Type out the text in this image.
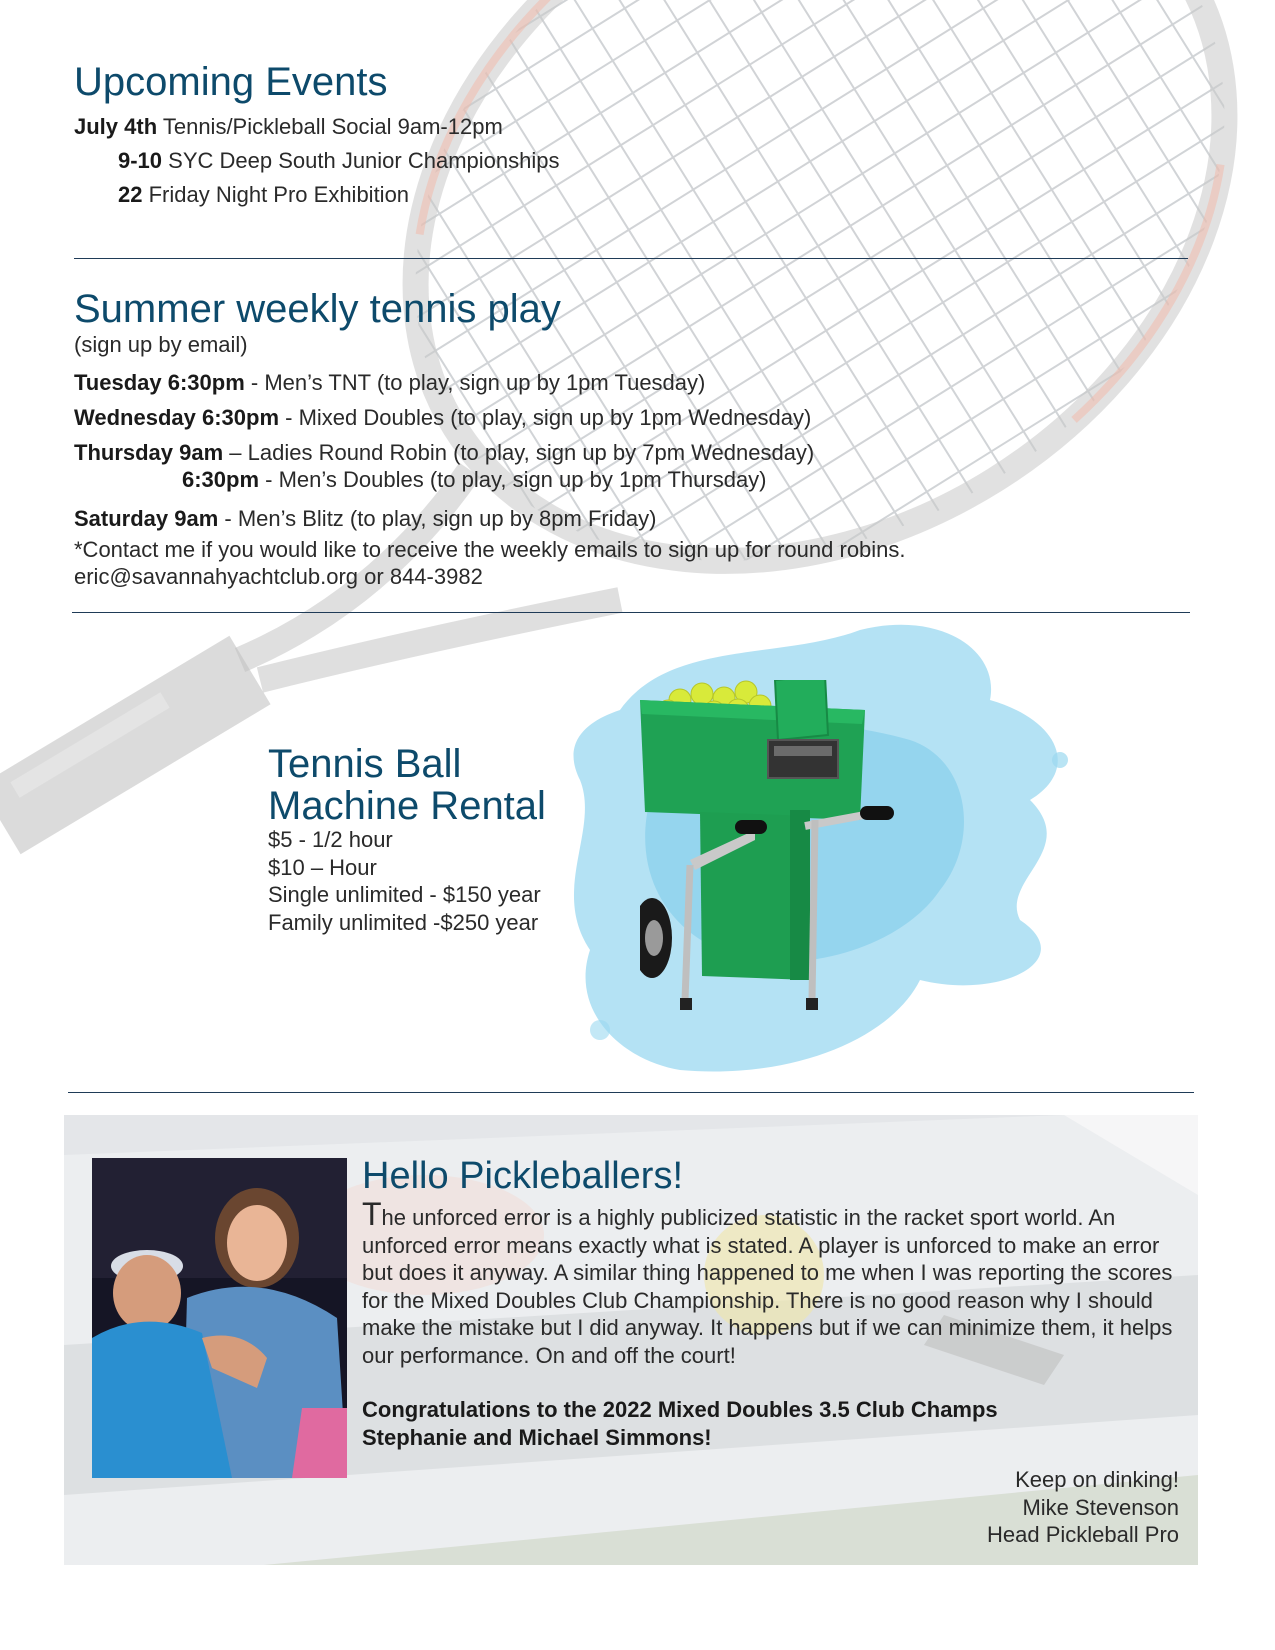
Upcoming Events
July 4th Tennis/Pickleball Social 9am-12pm
9-10 SYC Deep South Junior Championships
22 Friday Night Pro Exhibition
Summer weekly tennis play
(sign up by email)
Tuesday 6:30pm - Men’s TNT (to play, sign up by 1pm Tuesday)
Wednesday 6:30pm - Mixed Doubles (to play, sign up by 1pm Wednesday)
Thursday 9am – Ladies Round Robin (to play, sign up by 7pm Wednesday)
6:30pm - Men’s Doubles (to play, sign up by 1pm Thursday)
Saturday 9am - Men’s Blitz (to play, sign up by 8pm Friday)
*Contact me if you would like to receive the weekly emails to sign up for round robins.
eric@savannahyachtclub.org or 844-3982
Tennis Ball
Machine Rental
$5 - 1/2 hour
$10 – Hour
Single unlimited - $150 year
Family unlimited -$250 year
Hello Pickleballers!
The unforced error is a highly publicized statistic in the racket sport world. An unforced error means exactly what is stated. A player is unforced to make an error but does it anyway. A similar thing happened to me when I was reporting the scores for the Mixed Doubles Club Championship. There is no good reason why I should make the mistake but I did anyway. It happens but if we can minimize them, it helps our performance. On and off the court!
Congratulations to the 2022 Mixed Doubles 3.5 Club Champs
Stephanie and Michael Simmons!
Keep on dinking!
Mike Stevenson
Head Pickleball Pro
